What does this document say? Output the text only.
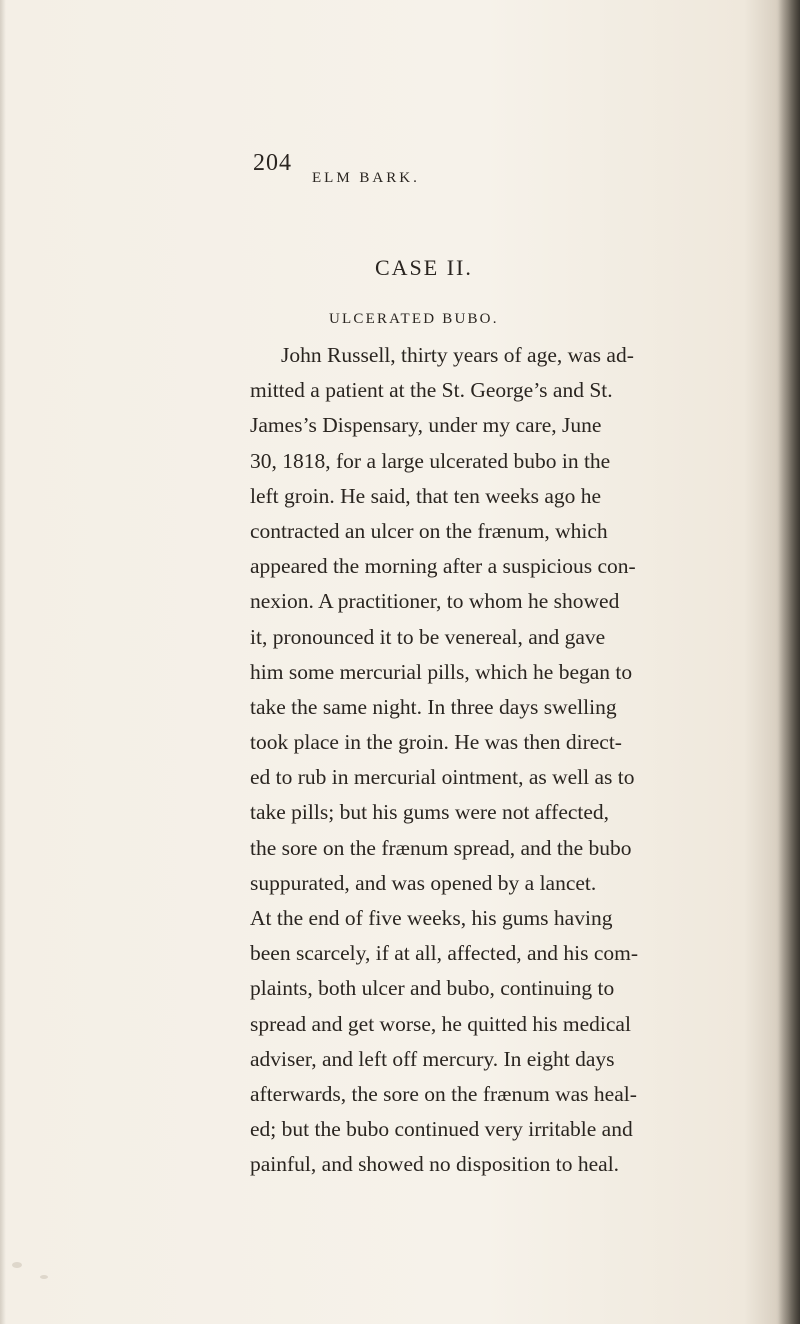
204
ELM BARK.
CASE II.
ULCERATED BUBO.
John Russell, thirty years of age, was ad-
mitted a patient at the St. George’s and St.
James’s Dispensary, under my care, June
30, 1818, for a large ulcerated bubo in the
left groin. He said, that ten weeks ago he
contracted an ulcer on the frænum, which
appeared the morning after a suspicious con-
nexion. A practitioner, to whom he showed
it, pronounced it to be venereal, and gave
him some mercurial pills, which he began to
take the same night. In three days swelling
took place in the groin. He was then direct-
ed to rub in mercurial ointment, as well as to
take pills; but his gums were not affected,
the sore on the frænum spread, and the bubo
suppurated, and was opened by a lancet.
At the end of five weeks, his gums having
been scarcely, if at all, affected, and his com-
plaints, both ulcer and bubo, continuing to
spread and get worse, he quitted his medical
adviser, and left off mercury. In eight days
afterwards, the sore on the frænum was heal-
ed; but the bubo continued very irritable and
painful, and showed no disposition to heal.
